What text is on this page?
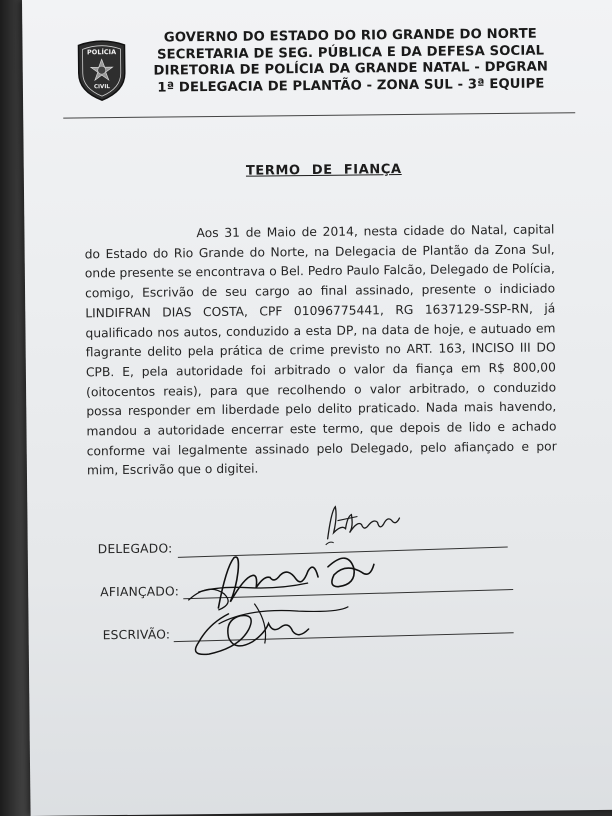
POLÍCIA
CIVIL
GOVERNO DO ESTADO DO RIO GRANDE DO NORTE
SECRETARIA DE SEG. PÚBLICA E DA DEFESA SOCIAL
DIRETORIA DE POLÍCIA DA GRANDE NATAL - DPGRAN
1ª DELEGACIA DE PLANTÃO - ZONA SUL - 3ª EQUIPE
TERMO DE FIANÇA
Aos 31 de Maio de 2014, nesta cidade do Natal, capital do Estado do Rio Grande do Norte, na Delegacia de Plantão da Zona Sul, onde presente se encontrava o Bel. Pedro Paulo Falcão, Delegado de Polícia, comigo, Escrivão de seu cargo ao final assinado, presente o indiciado LINDIFRAN DIAS COSTA, CPF 01096775441, RG 1637129-SSP-RN, já qualificado nos autos, conduzido a esta DP, na data de hoje, e autuado em flagrante delito pela prática de crime previsto no ART. 163, INCISO III DO CPB. E, pela autoridade foi arbitrado o valor da fiança em R$ 800,00 (oitocentos reais), para que recolhendo o valor arbitrado, o conduzido possa responder em liberdade pelo delito praticado. Nada mais havendo, mandou a autoridade encerrar este termo, que depois de lido e achado conforme vai legalmente assinado pelo Delegado, pelo afiançado e por mim, Escrivão que o digitei.
DELEGADO:
AFIANÇADO:
ESCRIVÃO:
